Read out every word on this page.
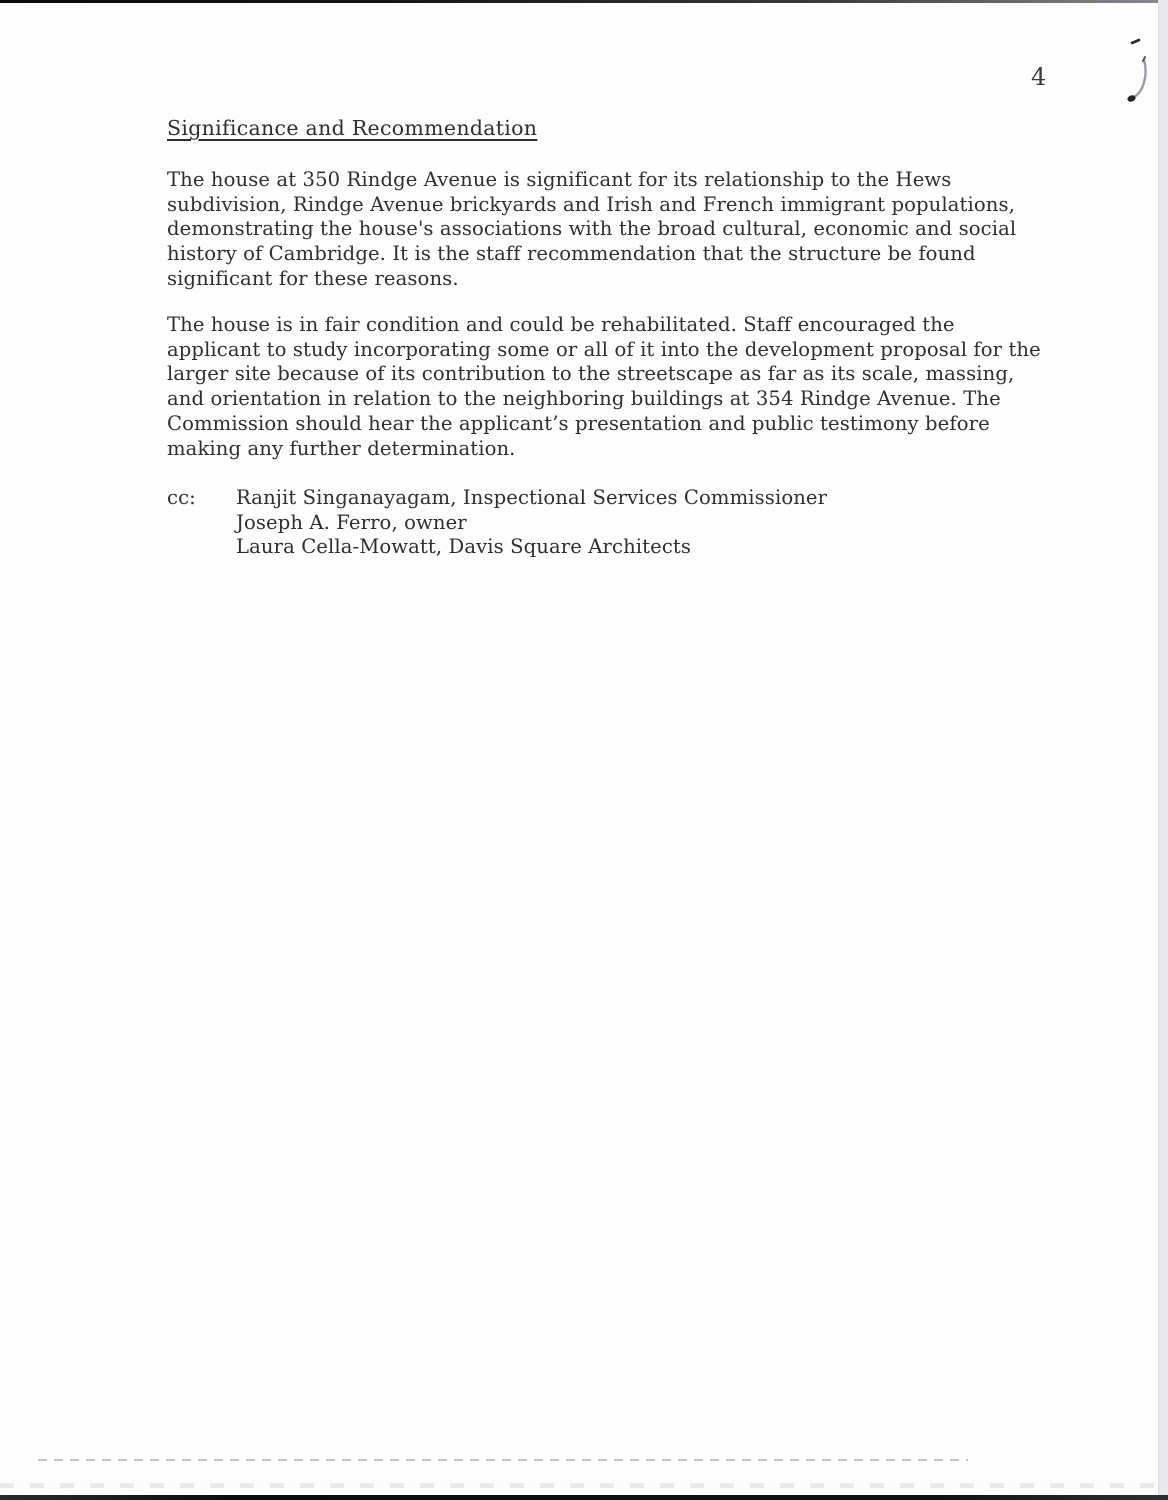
4
Significance and Recommendation
The house at 350 Rindge Avenue is significant for its relationship to the Hews
subdivision, Rindge Avenue brickyards and Irish and French immigrant populations,
demonstrating the house's associations with the broad cultural, economic and social
history of Cambridge. It is the staff recommendation that the structure be found
significant for these reasons.
The house is in fair condition and could be rehabilitated. Staff encouraged the
applicant to study incorporating some or all of it into the development proposal for the
larger site because of its contribution to the streetscape as far as its scale, massing,
and orientation in relation to the neighboring buildings at 354 Rindge Avenue. The
Commission should hear the applicant’s presentation and public testimony before
making any further determination.
cc: Ranjit Singanayagam, Inspectional Services Commissioner
Joseph A. Ferro, owner
Laura Cella-Mowatt, Davis Square Architects
